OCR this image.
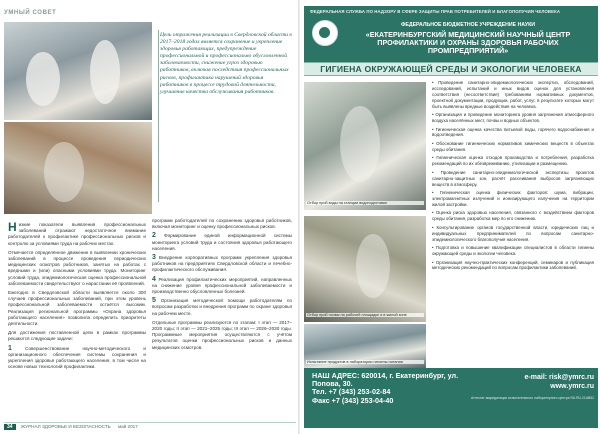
УМНЫЙ СОВЕТ
Цель отражения реализации в Свердловской области в 2017–2018 годах является сохранение и укрепление здоровья работающих, предупреждение профессиональной и профессионально обусловленной заболеваемости, снижение угроз здоровью работников, включая последствия профессиональных рисков, профилактика нарушений здоровья работников в процессе трудовой деятельности, улучшение качества обслуживания работников.

Низкие показатели выявления профессиональных заболеваний отражают недостаточное внимание работодателей к профилактике профессиональных рисков и контролю за условиями труда на рабочих местах.

Отмечается определённое движение в выявлении хронических заболеваний в процессе проведения периодических медицинских осмотров работников, занятых на работах с вредными и (или) опасными условиями труда. Мониторинг условий труда, эпидемиологическая оценка профессиональной заболеваемости свидетельствуют о нарастании её проявлений.

Ежегодно в Свердловской области выявляется около 300 случаев профессиональных заболеваний, при этом уровень профессиональной заболеваемости остаётся высоким. Реализация региональной программы «Охрана здоровья работающего населения» позволила определить приоритеты деятельности.

Для достижения поставленной цели в рамках программы решаются следующие задачи:

1	Совершенствование научно-методического и организационного обеспечения системы сохранения и укрепления здоровья работающего населения, в том числе на основе новых технологий профилактики.
программ работодателей по сохранению здоровья работников, включая мониторинг и оценку профессиональных рисков.
2 Формирование единой информационной системы мониторинга условий труда и состояния здоровья работающего населения.
3 Внедрение корпоративных программ укрепления здоровья работников на предприятиях Свердловской области и лечебно-профилактического обслуживания.
4 Реализация профилактических мероприятий, направленных на снижение уровня профессиональной заболеваемости и производственно обусловленных болезней.
5 Организация методической помощи работодателям по вопросам разработки и внедрения программ по охране здоровья на рабочем месте.

Отдельные программы реализуются по этапам: I этап — 2017–2020 годы; II этап — 2021–2025 годы; III этап — 2026–2030 годы. Программные мероприятия осуществляются с учётом результатов оценки профессиональных рисков и данных медицинских осмотров.

34 ЖУРНАЛ ЗДОРОВЬЕ И БЕЗОПАСНОСТЬ май 2017
ФЕДЕРАЛЬНАЯ СЛУЖБА ПО НАДЗОРУ В СФЕРЕ ЗАЩИТЫ ПРАВ ПОТРЕБИТЕЛЕЙ И БЛАГОПОЛУЧИЯ ЧЕЛОВЕКА
ФЕДЕРАЛЬНОЕ БЮДЖЕТНОЕ УЧРЕЖДЕНИЕ НАУКИ
«ЕКАТЕРИНБУРГСКИЙ МЕДИЦИНСКИЙ НАУЧНЫЙ ЦЕНТР ПРОФИЛАКТИКИ И ОХРАНЫ ЗДОРОВЬЯ РАБОЧИХ ПРОМПРЕДПРИЯТИЙ»
ГИГИЕНА ОКРУЖАЮЩЕЙ СРЕДЫ И ЭКОЛОГИИ ЧЕЛОВЕКА
Отбор проб воды на станции водоподготовки
Отбор проб почвы на рабочей площадке и в жилой зоне
Испытание продуктов в лаборатории гигиены питания

• Проведение санитарно-эпидемиологических экспертиз, обследований, исследований, испытаний и иных видов оценок для установления соответствия (несоответствия) требованиям нормативных документов, проектной документации, продукции, работ, услуг, в результате которых могут быть выявлены вредные воздействия на человека.

• Организация и проведение мониторинга уровня загрязнения атмосферного воздуха населённых мест, почвы и водных объектов.

• Гигиеническая оценка качества питьевой воды, горячего водоснабжения и водоотведения.

• Обоснование гигиенических нормативов химических веществ в объектах среды обитания.

• Гигиеническая оценка отходов производства и потребления, разработка рекомендаций по их обезвреживанию, утилизации и размещению.

• Проведение санитарно-эпидемиологической экспертизы проектов санитарно-защитных зон, расчёт рассеивания выбросов загрязняющих веществ в атмосферу.

• Гигиеническая оценка физических факторов: шума, вибрации, электромагнитных излучений и ионизирующего излучения на территории жилой застройки.

• Оценка риска здоровью населения, связанного с воздействием факторов среды обитания, разработка мер по его снижению.

• Консультирование органов государственной власти, юридических лиц и индивидуальных предпринимателей по вопросам санитарно-эпидемиологического благополучия населения.

• Подготовка и повышение квалификации специалистов в области гигиены окружающей среды и экологии человека.

• Организация научно-практических конференций, семинаров и публикация методических рекомендаций по вопросам профилактики заболеваний.

НАШ АДРЕС: 620014, г. Екатеринбург, ул. Попова, 30.
Тел. +7 (343) 253-02-84
Факс +7 (343) 253-04-40
e-mail: risk@ymrc.ru
www.ymrc.ru
Аттестат аккредитации испытательного лабораторного центра RA.RU.21АВ52
